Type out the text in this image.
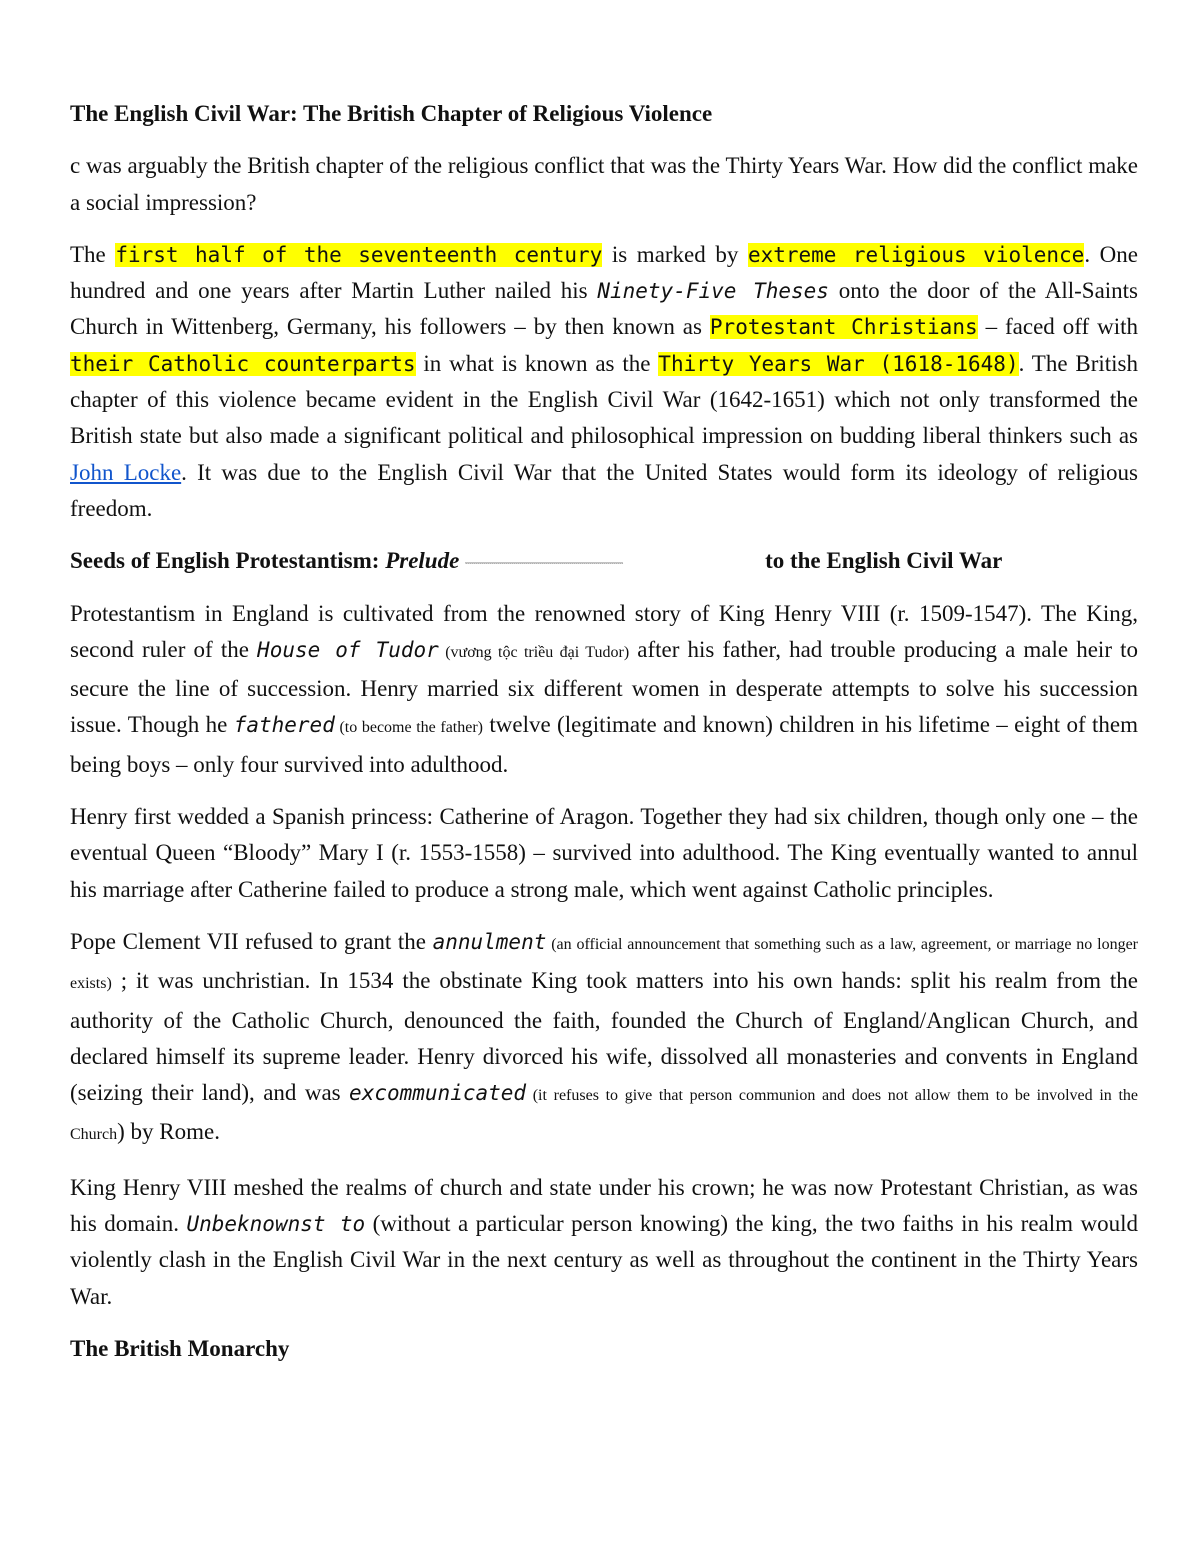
The English Civil War: The British Chapter of Religious Violence

c was arguably the British chapter of the religious conflict that was the Thirty Years War. How did the conflict make a social impression?

The first half of the seventeenth century is marked by extreme religious violence. One hundred and one years after Martin Luther nailed his Ninety-Five Theses onto the door of the All-Saints Church in Wittenberg, Germany, his followers – by then known as Protestant Christians – faced off with their Catholic counterparts in what is known as the Thirty Years War (1618-1648). The British chapter of this violence became evident in the English Civil War (1642-1651) which not only transformed the British state but also made a significant political and philosophical impression on budding liberal thinkers such as John Locke. It was due to the English Civil War that the United States would form its ideology of religious freedom.

Seeds of English Protestantism: Prelude xxxxxxxxxxxxxxxxxxxxxxxxxxxxxxxxxxxxxxxxxxxxxxxxxxxxxxxxxxxxxxxxxxxxxxxxxxxxxxx	to the English Civil War

Protestantism in England is cultivated from the renowned story of King Henry VIII (r. 1509-1547). The King, second ruler of the House of Tudor (vương tộc triều đại Tudor) after his father, had trouble producing a male heir to secure the line of succession. Henry married six different women in desperate attempts to solve his succession issue. Though he fathered (to become the father) twelve (legitimate and known) children in his lifetime – eight of them being boys – only four survived into adulthood.

Henry first wedded a Spanish princess: Catherine of Aragon. Together they had six children, though only one – the eventual Queen “Bloody” Mary I (r. 1553-1558) – survived into adulthood. The King eventually wanted to annul his marriage after Catherine failed to produce a strong male, which went against Catholic principles.

Pope Clement VII refused to grant the annulment (an official announcement that something such as a law, agreement, or marriage no longer exists) ; it was unchristian. In 1534 the obstinate King took matters into his own hands: split his realm from the authority of the Catholic Church, denounced the faith, founded the Church of England/Anglican Church, and declared himself its supreme leader. Henry divorced his wife, dissolved all monasteries and convents in England (seizing their land), and was excommunicated (it refuses to give that person communion and does not allow them to be involved in the Church) by Rome.

King Henry VIII meshed the realms of church and state under his crown; he was now Protestant Christian, as was his domain. Unbeknownst to (without a particular person knowing) the king, the two faiths in his realm would violently clash in the English Civil War in the next century as well as throughout the continent in the Thirty Years War.

The British Monarchy
